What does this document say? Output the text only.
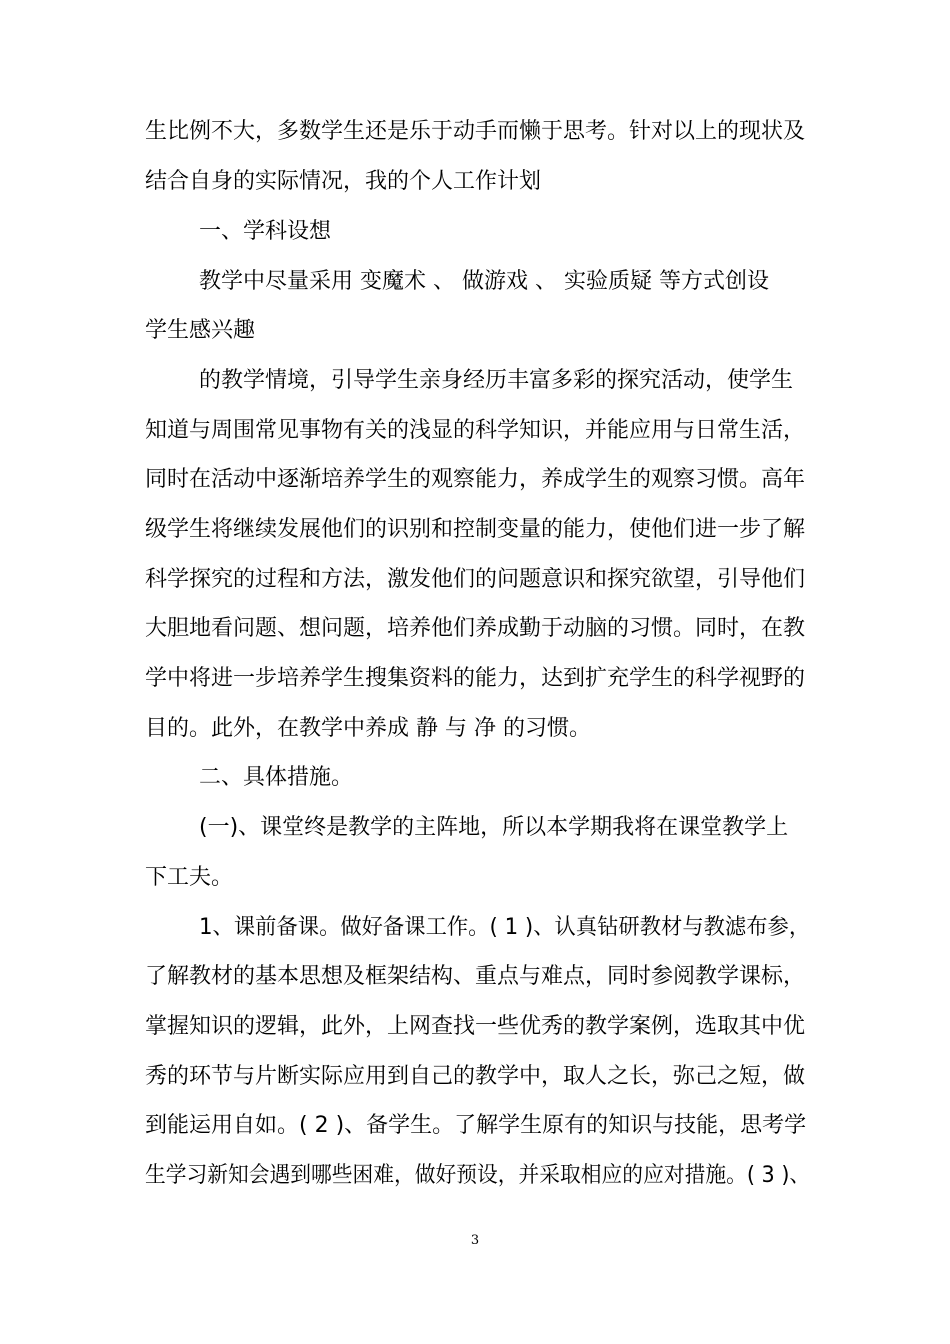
生比例不大，多数学生还是乐于动手而懒于思考。针对以上的现状及
结合自身的实际情况，我的个人工作计划
一、学科设想
教学中尽量采用 变魔术 、 做游戏 、 实验质疑 等方式创设
学生感兴趣
的教学情境，引导学生亲身经历丰富多彩的探究活动，使学生
知道与周围常见事物有关的浅显的科学知识，并能应用与日常生活，
同时在活动中逐渐培养学生的观察能力，养成学生的观察习惯。高年
级学生将继续发展他们的识别和控制变量的能力，使他们进一步了解
科学探究的过程和方法，激发他们的问题意识和探究欲望，引导他们
大胆地看问题、想问题，培养他们养成勤于动脑的习惯。同时，在教
学中将进一步培养学生搜集资料的能力，达到扩充学生的科学视野的
目的。此外，在教学中养成 静 与 净 的习惯。
二、具体措施。
(一)、课堂终是教学的主阵地，所以本学期我将在课堂教学上
下工夫。
1、课前备课。做好备课工作。( 1 )、认真钻研教材与教滤布参，
了解教材的基本思想及框架结构、重点与难点，同时参阅教学课标，
掌握知识的逻辑，此外，上网查找一些优秀的教学案例，选取其中优
秀的环节与片断实际应用到自己的教学中，取人之长，弥己之短，做
到能运用自如。( 2 )、备学生。了解学生原有的知识与技能，思考学
生学习新知会遇到哪些困难，做好预设，并采取相应的应对措施。( 3 )、
3
